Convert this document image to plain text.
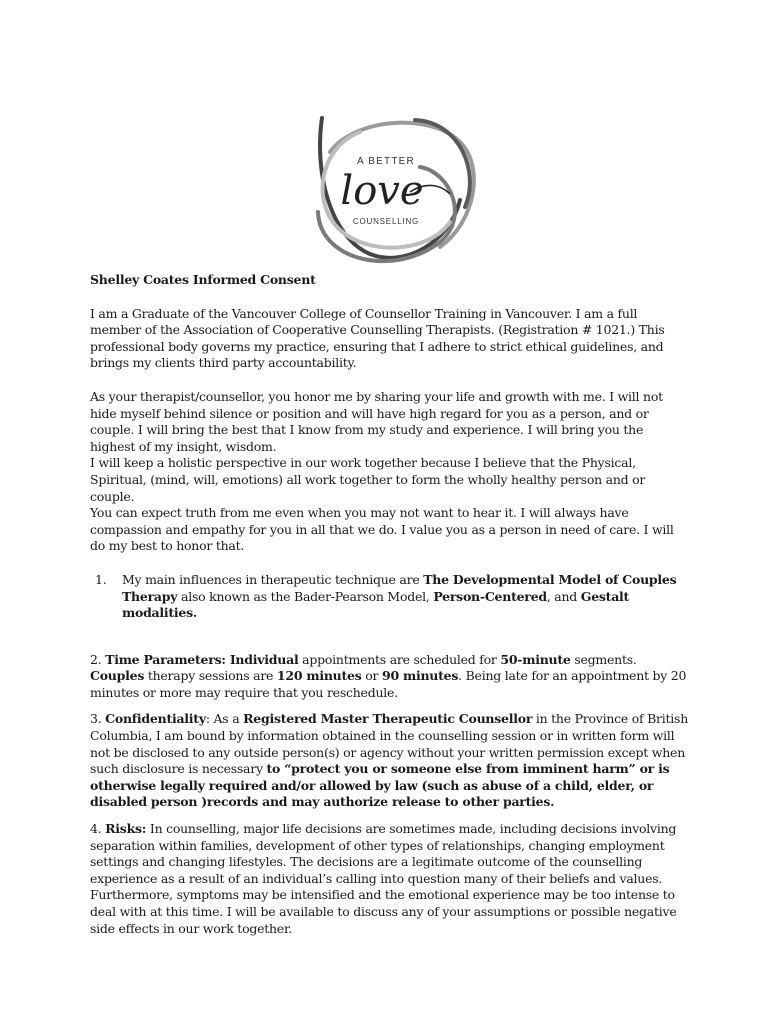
A BETTER
love
COUNSELLING

Shelley Coates Informed Consent

I am a Graduate of the Vancouver College of Counsellor Training in Vancouver. I am a full member of the Association of Cooperative Counselling Therapists. (Registration # 1021.) This professional body governs my practice, ensuring that I adhere to strict ethical guidelines, and brings my clients third party accountability.

As your therapist/counsellor, you honor me by sharing your life and growth with me. I will not hide myself behind silence or position and will have high regard for you as a person, and or couple. I will bring the best that I know from my study and experience. I will bring you the highest of my insight, wisdom.

I will keep a holistic perspective in our work together because I believe that the Physical, Spiritual, (mind, will, emotions) all work together to form the wholly healthy person and or couple.

You can expect truth from me even when you may not want to hear it. I will always have compassion and empathy for you in all that we do. I value you as a person in need of care. I will do my best to honor that.

1.	My main influences in therapeutic technique are The Developmental Model of Couples Therapy also known as the Bader-Pearson Model, Person-Centered, and Gestalt modalities.

2. Time Parameters: Individual appointments are scheduled for 50-minute segments. Couples therapy sessions are 120 minutes or 90 minutes. Being late for an appointment by 20 minutes or more may require that you reschedule.

3. Confidentiality: As a Registered Master Therapeutic Counsellor in the Province of British Columbia, I am bound by information obtained in the counselling session or in written form will not be disclosed to any outside person(s) or agency without your written permission except when such disclosure is necessary to “protect you or someone else from imminent harm” or is otherwise legally required and/or allowed by law (such as abuse of a child, elder, or disabled person )records and may authorize release to other parties.

4. Risks: In counselling, major life decisions are sometimes made, including decisions involving separation within families, development of other types of relationships, changing employment settings and changing lifestyles. The decisions are a legitimate outcome of the counselling experience as a result of an individual’s calling into question many of their beliefs and values. Furthermore, symptoms may be intensified and the emotional experience may be too intense to deal with at this time. I will be available to discuss any of your assumptions or possible negative side effects in our work together.
